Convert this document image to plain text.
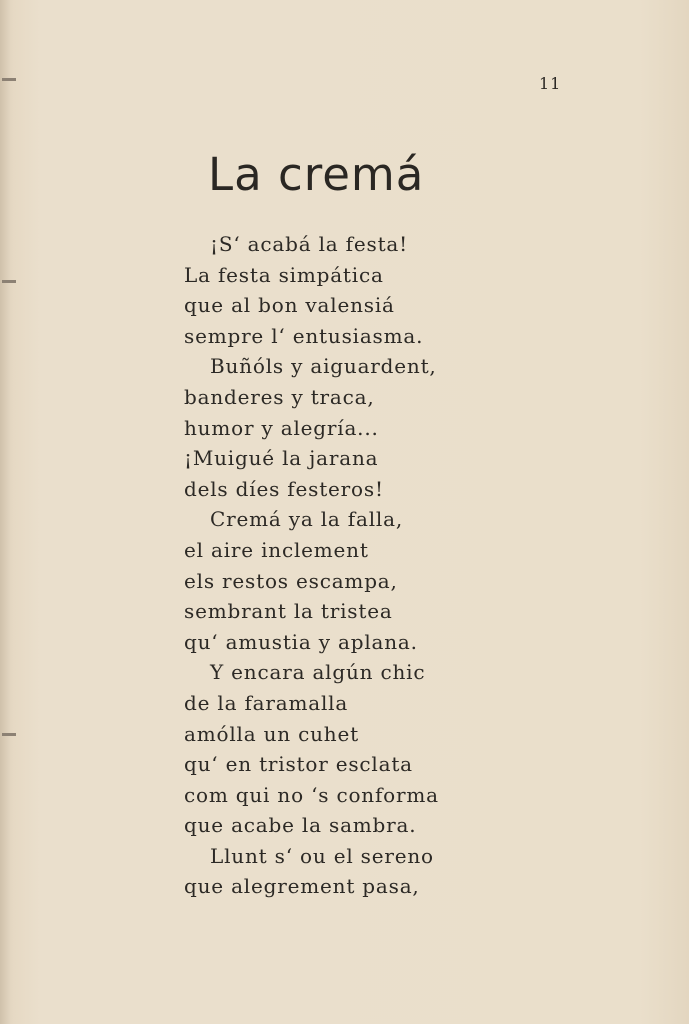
11
La cremá
¡S‘ acabá la festa!
La festa simpática
que al bon valensiá
sempre l‘ entusiasma.
Buñóls y aiguardent,
banderes y traca,
humor y alegría...
¡Muigué la jarana
dels díes festeros!
Cremá ya la falla,
el aire inclement
els restos escampa,
sembrant la tristea
qu‘ amustia y aplana.
Y encara algún chic
de la faramalla
amólla un cuhet
qu‘ en tristor esclata
com qui no ‘s conforma
que acabe la sambra.
Llunt s‘ ou el sereno
que alegrement pasa,
